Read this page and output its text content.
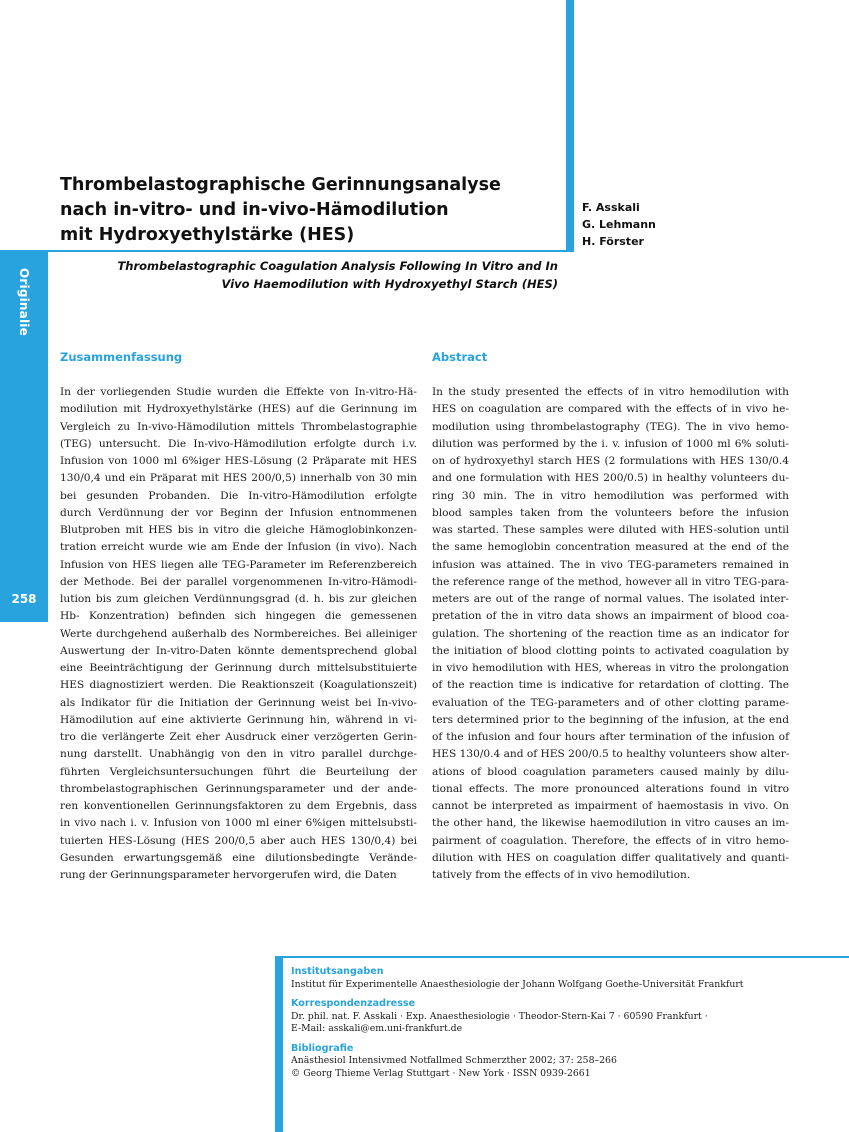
Originalie
258
Thrombelastographische Gerinnungsanalyse
nach in-vitro- und in-vivo-Hämodilution
mit Hydroxyethylstärke (HES)
F. Asskali
G. Lehmann
H. Förster
Thrombelastographic Coagulation Analysis Following In Vitro and In
Vivo Haemodilution with Hydroxyethyl Starch (HES)
Zusammenfassung	Abstract
In der vorliegenden Studie wurden die Effekte von In-vitro-Hä-
modilution mit Hydroxyethylstärke (HES) auf die Gerinnung im
Vergleich zu In-vivo-Hämodilution mittels Thrombelastographie
(TEG) untersucht. Die In-vivo-Hämodilution erfolgte durch i.v.
Infusion von 1000 ml 6%iger HES-Lösung (2 Präparate mit HES
130/0,4 und ein Präparat mit HES 200/0,5) innerhalb von 30 min
bei gesunden Probanden. Die In-vitro-Hämodilution erfolgte
durch Verdünnung der vor Beginn der Infusion entnommenen
Blutproben mit HES bis in vitro die gleiche Hämoglobinkonzen-
tration erreicht wurde wie am Ende der Infusion (in vivo). Nach
Infusion von HES liegen alle TEG-Parameter im Referenzbereich
der Methode. Bei der parallel vorgenommenen In-vitro-Hämodi-
lution bis zum gleichen Verdünnungsgrad (d. h. bis zur gleichen
Hb- Konzentration) befinden sich hingegen die gemessenen
Werte durchgehend außerhalb des Normbereiches. Bei alleiniger
Auswertung der In-vitro-Daten könnte dementsprechend global
eine Beeinträchtigung der Gerinnung durch mittelsubstituierte
HES diagnostiziert werden. Die Reaktionszeit (Koagulationszeit)
als Indikator für die Initiation der Gerinnung weist bei In-vivo-
Hämodilution auf eine aktivierte Gerinnung hin, während in vi-
tro die verlängerte Zeit eher Ausdruck einer verzögerten Gerin-
nung darstellt. Unabhängig von den in vitro parallel durchge-
führten Vergleichsuntersuchungen führt die Beurteilung der
thrombelastographischen Gerinnungsparameter und der ande-
ren konventionellen Gerinnungsfaktoren zu dem Ergebnis, dass
in vivo nach i. v. Infusion von 1000 ml einer 6%igen mittelsubsti-
tuierten HES-Lösung (HES 200/0,5 aber auch HES 130/0,4) bei
Gesunden erwartungsgemäß eine dilutionsbedingte Verände-
rung der Gerinnungsparameter hervorgerufen wird, die Daten
In the study presented the effects of in vitro hemodilution with
HES on coagulation are compared with the effects of in vivo he-
modilution using thrombelastography (TEG). The in vivo hemo-
dilution was performed by the i. v. infusion of 1000 ml 6% soluti-
on of hydroxyethyl starch HES (2 formulations with HES 130/0.4
and one formulation with HES 200/0.5) in healthy volunteers du-
ring 30 min. The in vitro hemodilution was performed with
blood samples taken from the volunteers before the infusion
was started. These samples were diluted with HES-solution until
the same hemoglobin concentration measured at the end of the
infusion was attained. The in vivo TEG-parameters remained in
the reference range of the method, however all in vitro TEG-para-
meters are out of the range of normal values. The isolated inter-
pretation of the in vitro data shows an impairment of blood coa-
gulation. The shortening of the reaction time as an indicator for
the initiation of blood clotting points to activated coagulation by
in vivo hemodilution with HES, whereas in vitro the prolongation
of the reaction time is indicative for retardation of clotting. The
evaluation of the TEG-parameters and of other clotting parame-
ters determined prior to the beginning of the infusion, at the end
of the infusion and four hours after termination of the infusion of
HES 130/0.4 and of HES 200/0.5 to healthy volunteers show alter-
ations of blood coagulation parameters caused mainly by dilu-
tional effects. The more pronounced alterations found in vitro
cannot be interpreted as impairment of haemostasis in vivo. On
the other hand, the likewise haemodilution in vitro causes an im-
pairment of coagulation. Therefore, the effects of in vitro hemo-
dilution with HES on coagulation differ qualitatively and quanti-
tatively from the effects of in vivo hemodilution.
Institutsangaben
Institut für Experimentelle Anaesthesiologie der Johann Wolfgang Goethe-Universität Frankfurt
Korrespondenzadresse
Dr. phil. nat. F. Asskali · Exp. Anaesthesiologie · Theodor-Stern-Kai 7 · 60590 Frankfurt ·
E-Mail: asskali@em.uni-frankfurt.de
Bibliografie
Anästhesiol Intensivmed Notfallmed Schmerzther 2002; 37: 258–266
© Georg Thieme Verlag Stuttgart · New York · ISSN 0939-2661
